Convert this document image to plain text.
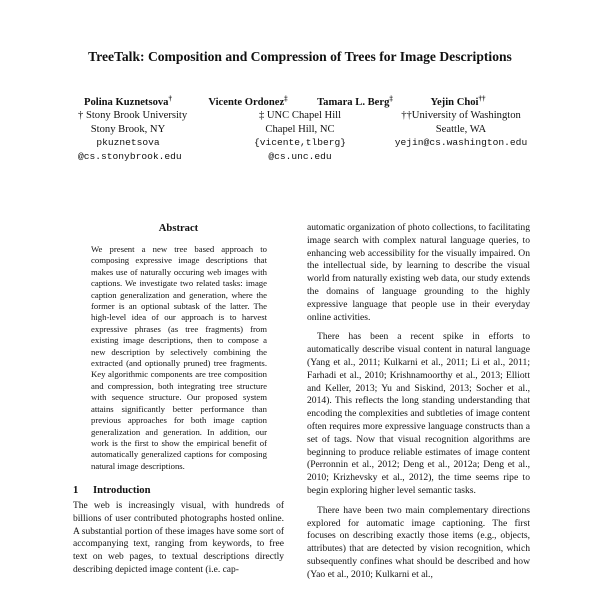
TreeTalk: Composition and Compression of Trees for Image Descriptions
Polina Kuznetsova†
† Stony Brook University
Stony Brook, NY
pkuznetsova
@cs.stonybrook.edu
Vicente Ordonez‡
‡ UNC Chapel Hill
Chapel Hill, NC
{vicente,tlberg}
@cs.unc.edu
Tamara L. Berg‡	Yejin Choi††
††University of Washington
Seattle, WA
yejin@cs.washington.edu
Abstract

We present a new tree based approach to composing expressive image descriptions that makes use of naturally occuring web images with captions. We investigate two related tasks: image caption generalization and generation, where the former is an optional subtask of the latter. The high-level idea of our approach is to harvest expressive phrases (as tree fragments) from existing image descriptions, then to compose a new description by selectively combining the extracted (and optionally pruned) tree fragments. Key algorithmic components are tree composition and compression, both integrating tree structure with sequence structure. Our proposed system attains significantly better performance than previous approaches for both image caption generalization and generation. In addition, our work is the first to show the empirical benefit of automatically generalized captions for composing natural image descriptions.

1 Introduction

The web is increasingly visual, with hundreds of billions of user contributed photographs hosted online. A substantial portion of these images have some sort of accompanying text, ranging from keywords, to free text on web pages, to textual descriptions directly describing depicted image content (i.e. cap-

automatic organization of photo collections, to facilitating image search with complex natural language queries, to enhancing web accessibility for the visually impaired. On the intellectual side, by learning to describe the visual world from naturally existing web data, our study extends the domains of language grounding to the highly expressive language that people use in their everyday online activities.

There has been a recent spike in efforts to automatically describe visual content in natural language (Yang et al., 2011; Kulkarni et al., 2011; Li et al., 2011; Farhadi et al., 2010; Krishnamoorthy et al., 2013; Elliott and Keller, 2013; Yu and Siskind, 2013; Socher et al., 2014). This reflects the long standing understanding that encoding the complexities and subtleties of image content often requires more expressive language constructs than a set of tags. Now that visual recognition algorithms are beginning to produce reliable estimates of image content (Perronnin et al., 2012; Deng et al., 2012a; Deng et al., 2010; Krizhevsky et al., 2012), the time seems ripe to begin exploring higher level semantic tasks.

There have been two main complementary directions explored for automatic image captioning. The first focuses on describing exactly those items (e.g., objects, attributes) that are detected by vision recognition, which subsequently confines what should be described and how (Yao et al., 2010; Kulkarni et al.,
